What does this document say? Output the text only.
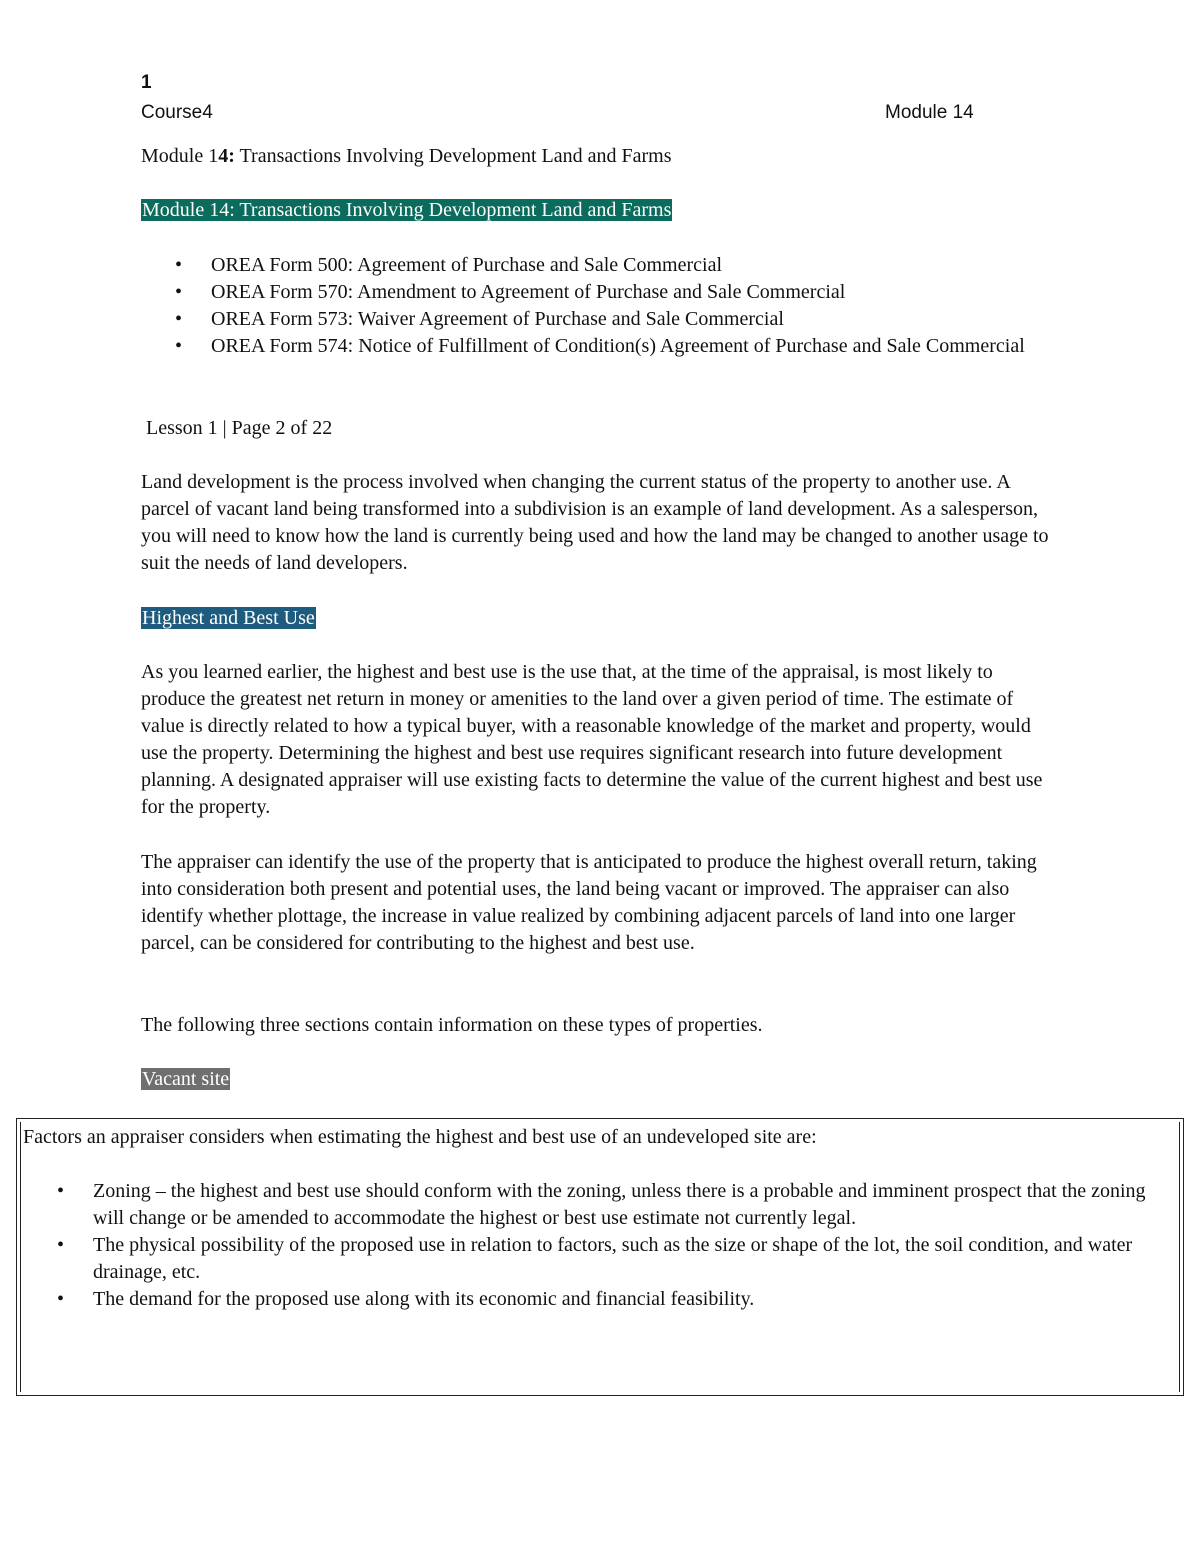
1
Course4	Module 14
Module 14: Transactions Involving Development Land and Farms
Module 14: Transactions Involving Development Land and Farms
• OREA Form 500: Agreement of Purchase and Sale Commercial
• OREA Form 570: Amendment to Agreement of Purchase and Sale Commercial
• OREA Form 573: Waiver Agreement of Purchase and Sale Commercial
• OREA Form 574: Notice of Fulfillment of Condition(s) Agreement of Purchase and Sale Commercial
Lesson 1 | Page 2 of 22
Land development is the process involved when changing the current status of the property to another use. A parcel of vacant land being transformed into a subdivision is an example of land development. As a salesperson, you will need to know how the land is currently being used and how the land may be changed to another usage to suit the needs of land developers.
Highest and Best Use
As you learned earlier, the highest and best use is the use that, at the time of the appraisal, is most likely to produce the greatest net return in money or amenities to the land over a given period of time. The estimate of value is directly related to how a typical buyer, with a reasonable knowledge of the market and property, would use the property. Determining the highest and best use requires significant research into future development planning. A designated appraiser will use existing facts to determine the value of the current highest and best use for the property.
The appraiser can identify the use of the property that is anticipated to produce the highest overall return, taking into consideration both present and potential uses, the land being vacant or improved. The appraiser can also identify whether plottage, the increase in value realized by combining adjacent parcels of land into one larger parcel, can be considered for contributing to the highest and best use.
The following three sections contain information on these types of properties.
Vacant site
Factors an appraiser considers when estimating the highest and best use of an undeveloped site are:
• Zoning – the highest and best use should conform with the zoning, unless there is a probable and imminent prospect that the zoning will change or be amended to accommodate the highest or best use estimate not currently legal.
• The physical possibility of the proposed use in relation to factors, such as the size or shape of the lot, the soil condition, and water drainage, etc.
• The demand for the proposed use along with its economic and financial feasibility.
